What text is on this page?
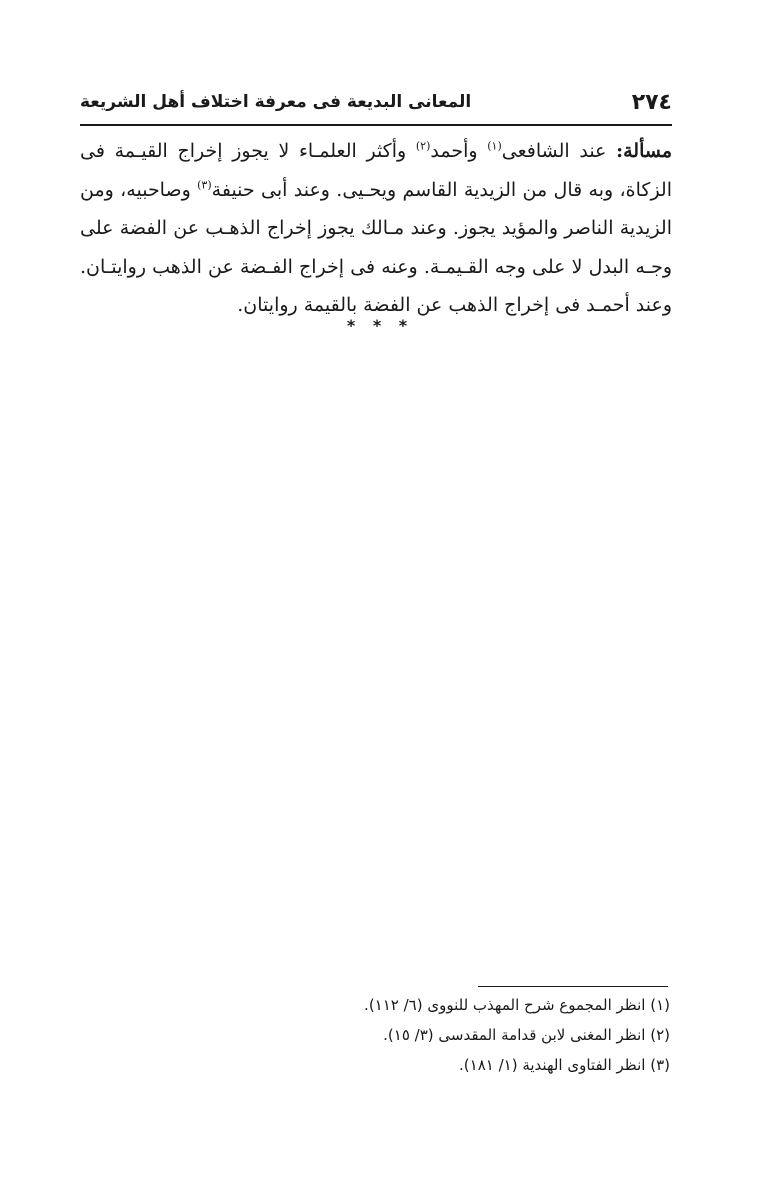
٢٧٤
المعانى البديعة فى معرفة اختلاف أهل الشريعة

مسألة: عند الشافعى$^{(١)}$ وأحمد$^{(٢)}$ وأكثر العلمـاء لا يجوز إخراج القيـمة فى الزكاة، وبه قال من الزيدية القاسم ويحـيى. وعند أبى حنيفة$^{(٣)}$ وصاحبيه، ومن الزيدية الناصر والمؤيد يجوز. وعند مـالك يجوز إخراج الذهـب عن الفضة على وجـه البدل لا على وجه القـيمـة. وعنه فى إخراج الفـضة عن الذهب روايتـان. وعند أحمـد فى إخراج الذهب عن الفضة بالقيمة روايتان.

* * *
(١) انظر المجموع شرح المهذب للنووى (٦/ ١١٢).
(٢) انظر المغنى لابن قدامة المقدسى (٣/ ١٥).
(٣) انظر الفتاوى الهندية (١/ ١٨١).
